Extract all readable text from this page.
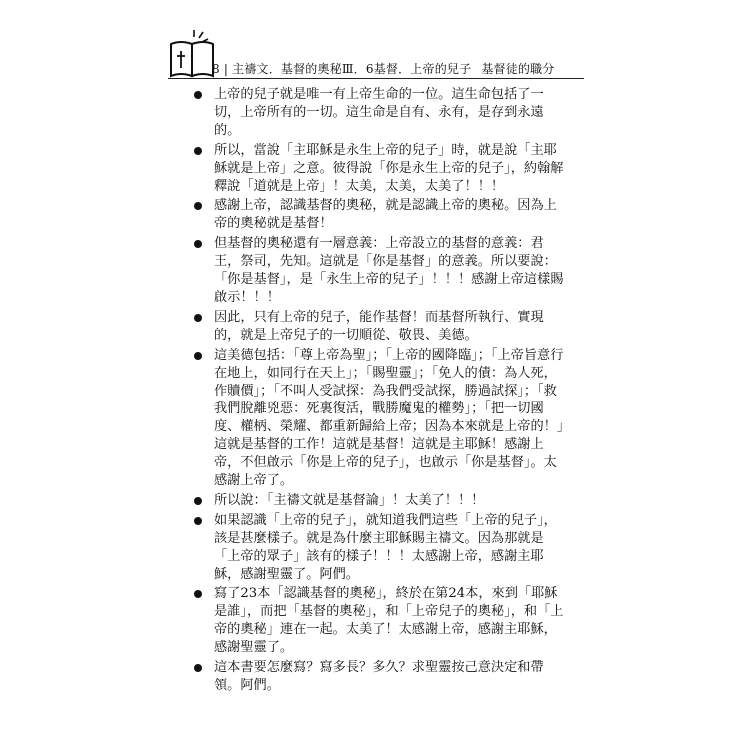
8 | 主禱文．基督的奧秘Ⅲ．6基督．上帝的兒子 基督徒的職分
上帝的兒子就是唯一有上帝生命的一位。這生命包括了一切，上帝所有的一切。這生命是自有、永有，是存到永遠的。
所以，當說「主耶穌是永生上帝的兒子」時，就是說「主耶穌就是上帝」之意。彼得說「你是永生上帝的兒子」，約翰解釋說「道就是上帝」！太美，太美，太美了！！！
感謝上帝，認識基督的奧秘，就是認識上帝的奧秘。因為上帝的奧秘就是基督！
但基督的奧秘還有一層意義：上帝設立的基督的意義：君王，祭司，先知。這就是「你是基督」的意義。所以要說：「你是基督」，是「永生上帝的兒子」！！！感謝上帝這樣賜啟示！！！
因此，只有上帝的兒子，能作基督！而基督所執行、實現的，就是上帝兒子的一切順從、敬畏、美德。
這美德包括：「尊上帝為聖」；「上帝的國降臨」；「上帝旨意行在地上，如同行在天上」；「賜聖靈」；「免人的債：為人死，作贖價」；「不叫人受試探：為我們受試探，勝過試探」；「救我們脫離兇惡：死裏復活，戰勝魔鬼的權勢」；「把一切國度、權柄、榮耀、都重新歸給上帝；因為本來就是上帝的！」這就是基督的工作！這就是基督！這就是主耶穌！感謝上帝，不但啟示「你是上帝的兒子」，也啟示「你是基督」。太感謝上帝了。
所以說：「主禱文就是基督論」！太美了！！！
如果認識「上帝的兒子」，就知道我們這些「上帝的兒子」，該是甚麼樣子。就是為什麼主耶穌賜主禱文。因為那就是「上帝的眾子」該有的樣子！！！太感謝上帝，感謝主耶穌，感謝聖靈了。阿們。
寫了23本「認識基督的奧秘」，終於在第24本，來到「耶穌是誰」，而把「基督的奧秘」，和「上帝兒子的奧秘」，和「上帝的奧秘」連在一起。太美了！太感謝上帝，感謝主耶穌，感謝聖靈了。
這本書要怎麼寫？寫多長？多久？求聖靈按己意決定和帶領。阿們。
